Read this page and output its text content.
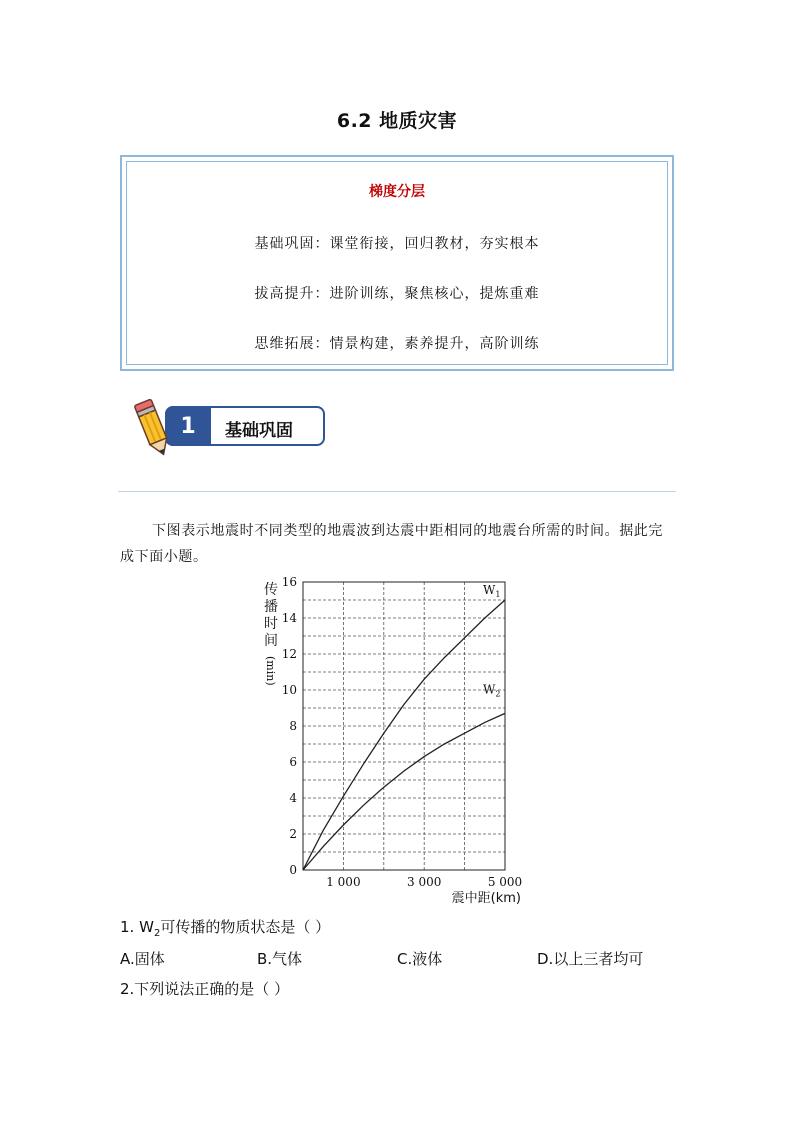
6.2 地质灾害
梯度分层
基础巩固：课堂衔接，回归教材，夯实根本
拔高提升：进阶训练，聚焦核心，提炼重难
思维拓展：情景构建，素养提升，高阶训练
1	基础巩固
下图表示地震时不同类型的地震波到达震中距相同的地震台所需的时间。据此完成下面小题。
0
2
4
6
8
10
12
14
16
1 000	3 000	5 000
传
播
时
间
(min)
震中距(km)
$W_1$
$W_2$
1. $W_2$可传播的物质状态是（ ）
A.固体	B.气体	C.液体	D.以上三者均可
2.下列说法正确的是（ ）
